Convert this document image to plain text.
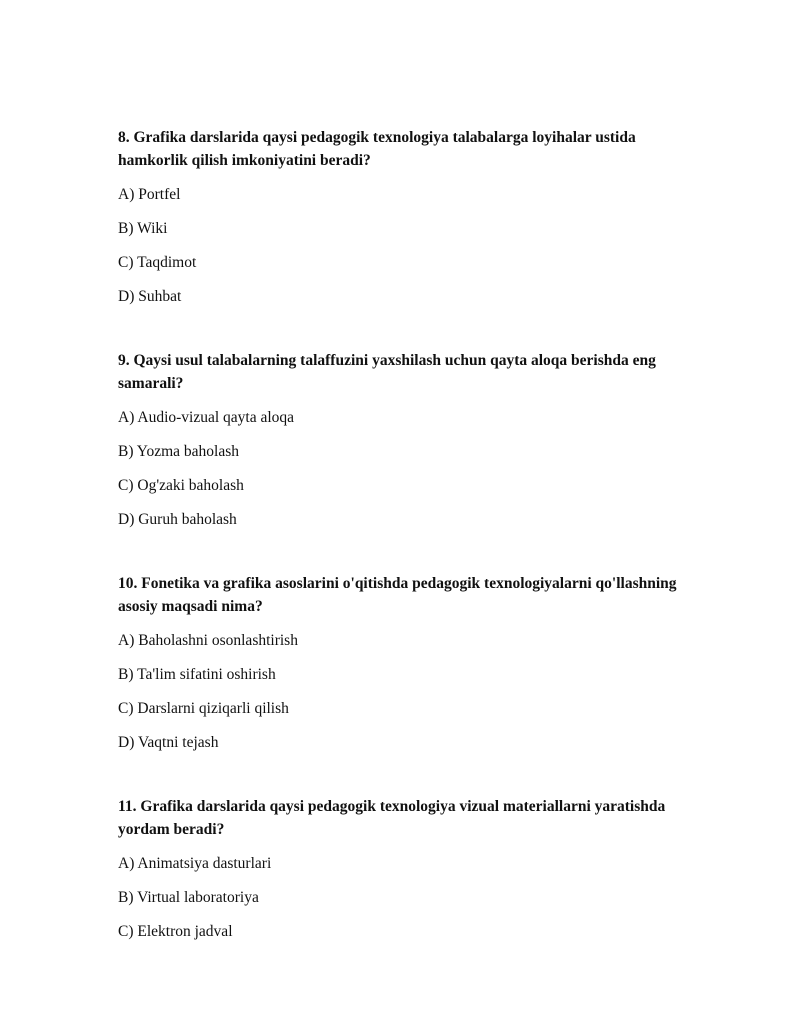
8. Grafika darslarida qaysi pedagogik texnologiya talabalarga loyihalar ustida hamkorlik qilish imkoniyatini beradi?

A) Portfel

B) Wiki

C) Taqdimot

D) Suhbat

9. Qaysi usul talabalarning talaffuzini yaxshilash uchun qayta aloqa berishda eng samarali?

A) Audio-vizual qayta aloqa

B) Yozma baholash

C) Og'zaki baholash

D) Guruh baholash

10. Fonetika va grafika asoslarini o'qitishda pedagogik texnologiyalarni qo'llashning asosiy maqsadi nima?

A) Baholashni osonlashtirish

B) Ta'lim sifatini oshirish

C) Darslarni qiziqarli qilish

D) Vaqtni tejash

11. Grafika darslarida qaysi pedagogik texnologiya vizual materiallarni yaratishda yordam beradi?

A) Animatsiya dasturlari

B) Virtual laboratoriya

C) Elektron jadval
